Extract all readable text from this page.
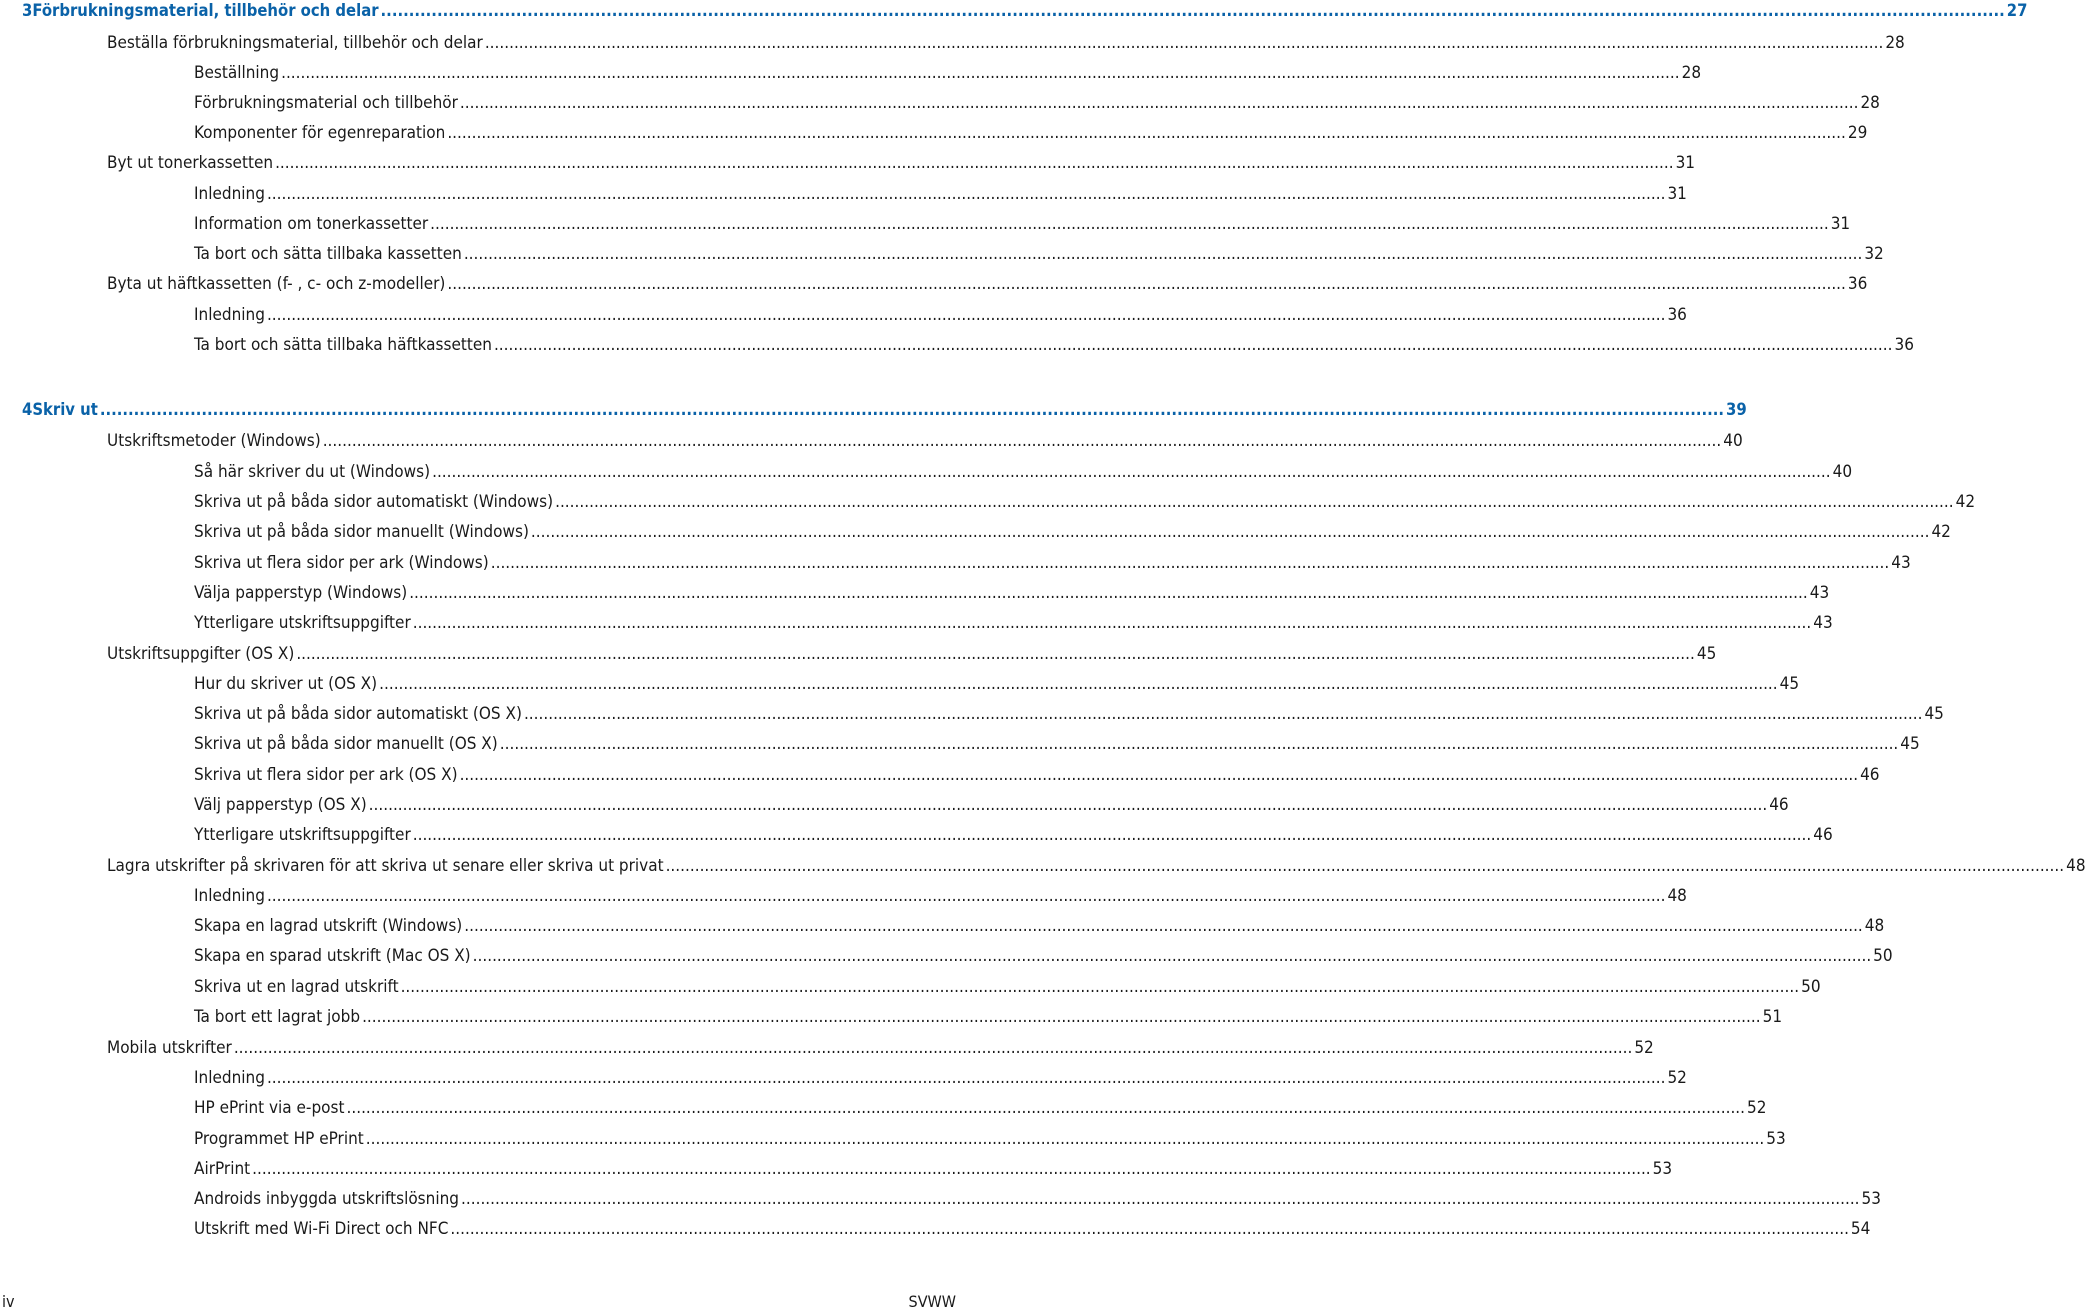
3 Förbrukningsmaterial, tillbehör och delar .....	27
Beställa förbrukningsmaterial, tillbehör och delar .....	28
Beställning .....	28
Förbrukningsmaterial och tillbehör .....	28
Komponenter för egenreparation .....	29
Byt ut tonerkassetten .....	31
Inledning .....	31
Information om tonerkassetter .....	31
Ta bort och sätta tillbaka kassetten .....	32
Byta ut häftkassetten (f- , c- och z-modeller) .....	36
Inledning .....	36
Ta bort och sätta tillbaka häftkassetten .....	36
4 Skriv ut .....	39
Utskriftsmetoder (Windows) .....	40
Så här skriver du ut (Windows) .....	40
Skriva ut på båda sidor automatiskt (Windows) .....	42
Skriva ut på båda sidor manuellt (Windows) .....	42
Skriva ut flera sidor per ark (Windows) .....	43
Välja papperstyp (Windows) .....	43
Ytterligare utskriftsuppgifter .....	43
Utskriftsuppgifter (OS X) .....	45
Hur du skriver ut (OS X) .....	45
Skriva ut på båda sidor automatiskt (OS X) .....	45
Skriva ut på båda sidor manuellt (OS X) .....	45
Skriva ut flera sidor per ark (OS X) .....	46
Välj papperstyp (OS X) .....	46
Ytterligare utskriftsuppgifter .....	46
Lagra utskrifter på skrivaren för att skriva ut senare eller skriva ut privat .....	48
Inledning .....	48
Skapa en lagrad utskrift (Windows) .....	48
Skapa en sparad utskrift (Mac OS X) .....	50
Skriva ut en lagrad utskrift .....	50
Ta bort ett lagrat jobb .....	51
Mobila utskrifter .....	52
Inledning .....	52
HP ePrint via e-post .....	52
Programmet HP ePrint .....	53
AirPrint .....	53
Androids inbyggda utskriftslösning .....	53
Utskrift med Wi-Fi Direct och NFC .....	54
iv	SVWW
